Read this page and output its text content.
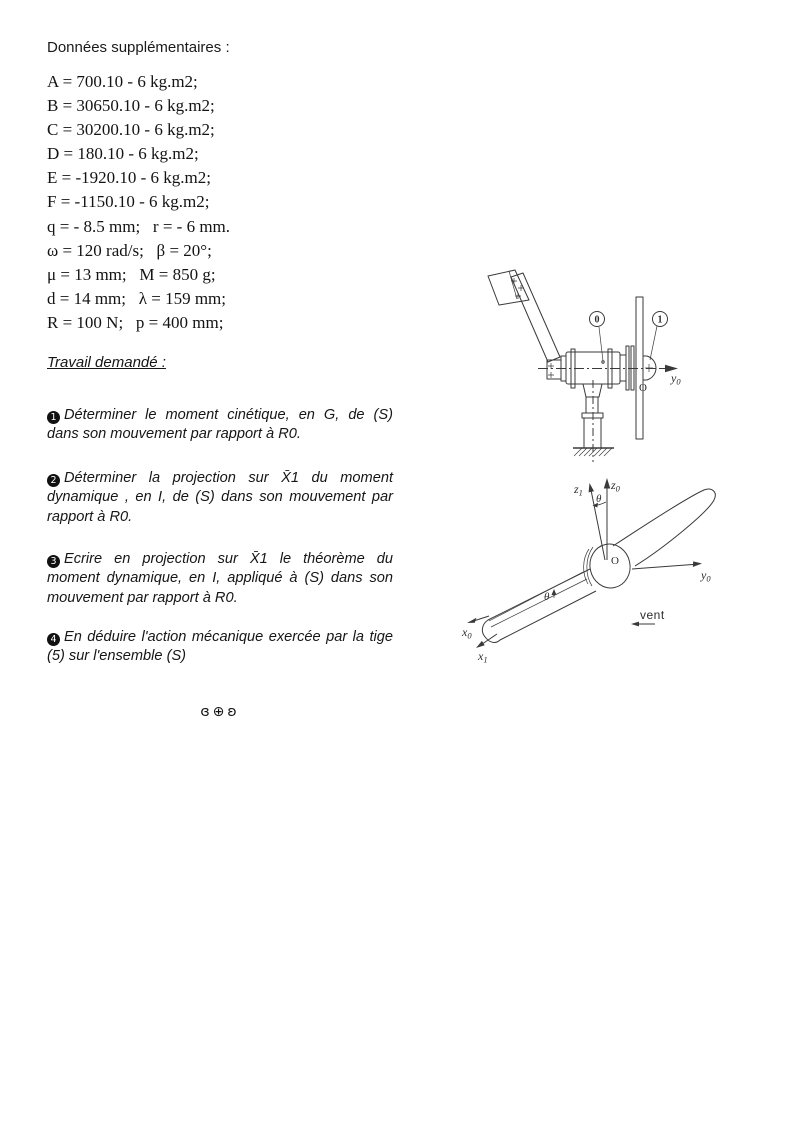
Données supplémentaires :
A = 700.10 - 6 kg.m2;
B = 30650.10 - 6 kg.m2;
C = 30200.10 - 6 kg.m2;
D = 180.10 - 6 kg.m2;
E = -1920.10 - 6 kg.m2;
F = -1150.10 - 6 kg.m2;
q = - 8.5 mm;   r = - 6 mm.
ω = 120 rad/s;   β = 20°;
μ = 13 mm;   M = 850 g;
d = 14 mm;   λ = 159 mm;
R = 100 N;   p = 400 mm;
Travail demandé :

1 Déterminer le moment cinétique, en G, de (S) dans son mouvement par rapport à R0.

2 Déterminer la projection sur X̄1 du moment dynamique , en I, de (S) dans son mouvement par rapport à R0.

3 Ecrire en projection sur X̄1 le théorème du moment dynamique, en I, appliqué à (S) dans son mouvement par rapport à R0.

4 En déduire l'action mécanique exercée par la tige (5) sur l'ensemble (S)

ɞ⊕ʚ
$y_0$
O
0	1
$z_0$
$z_1$
θ
O
$y_0$
θ
$x_0$
$x_1$
vent
